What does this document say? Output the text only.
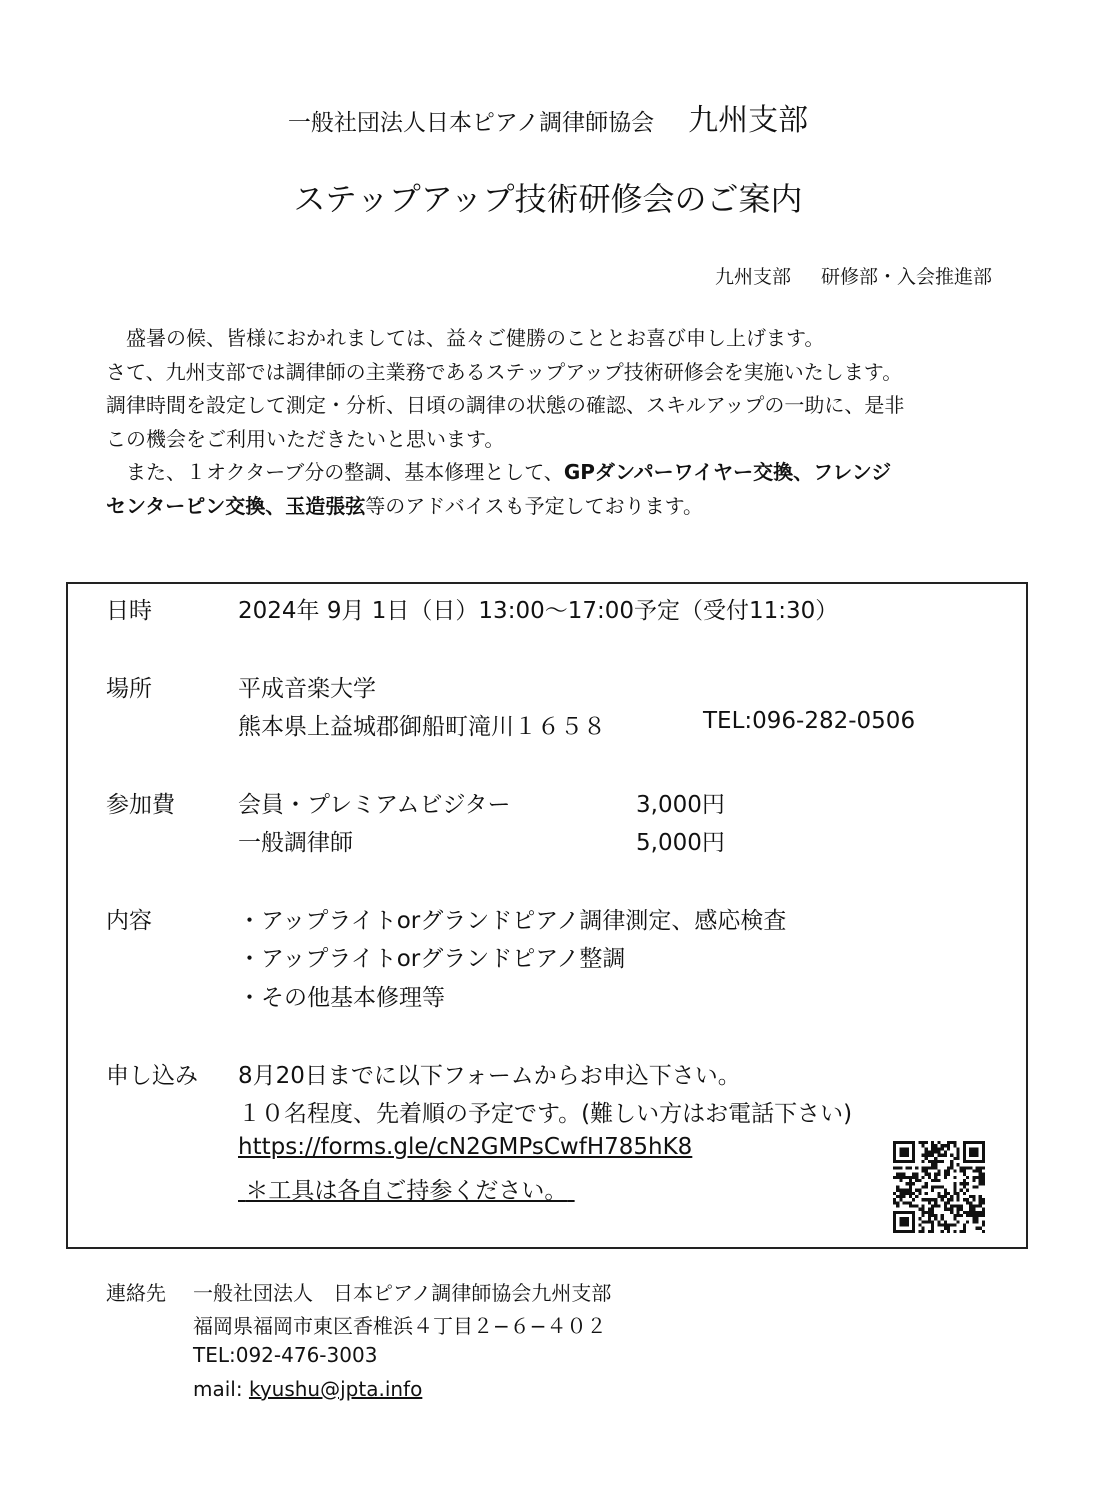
一般社団法人日本ピアノ調律師協会 九州支部
ステップアップ技術研修会のご案内
九州支部 研修部・入会推進部

　盛暑の候、皆様におかれましては、益々ご健勝のこととお喜び申し上げます。

さて、九州支部では調律師の主業務であるステップアップ技術研修会を実施いたします。

調律時間を設定して測定・分析、日頃の調律の状態の確認、スキルアップの一助に、是非

この機会をご利用いただきたいと思います。

　また、１オクターブ分の整調、基本修理として、GPダンパーワイヤー交換、フレンジ

センターピン交換、玉造張弦等のアドバイスも予定しております。

日時	2024年 9月 1日（日）13:00～17:00予定（受付11:30）
場所	平成音楽大学
熊本県上益城郡御船町滝川１６５８	TEL:096-282-0506
参加費	会員・プレミアムビジター	3,000円
一般調律師	5,000円
内容	・アップライトorグランドピアノ調律測定、感応検査
・アップライトorグランドピアノ整調
・その他基本修理等
申し込み 8月20日までに以下フォームからお申込下さい。
１０名程度、先着順の予定です。(難しい方はお電話下さい)
https://forms.gle/cN2GMPsCwfH785hK8
＊工具は各自ご持参ください。
連絡先 一般社団法人　日本ピアノ調律師協会九州支部
福岡県福岡市東区香椎浜４丁目２−６−４０２
TEL:092-476-3003
mail: kyushu@jpta.info
